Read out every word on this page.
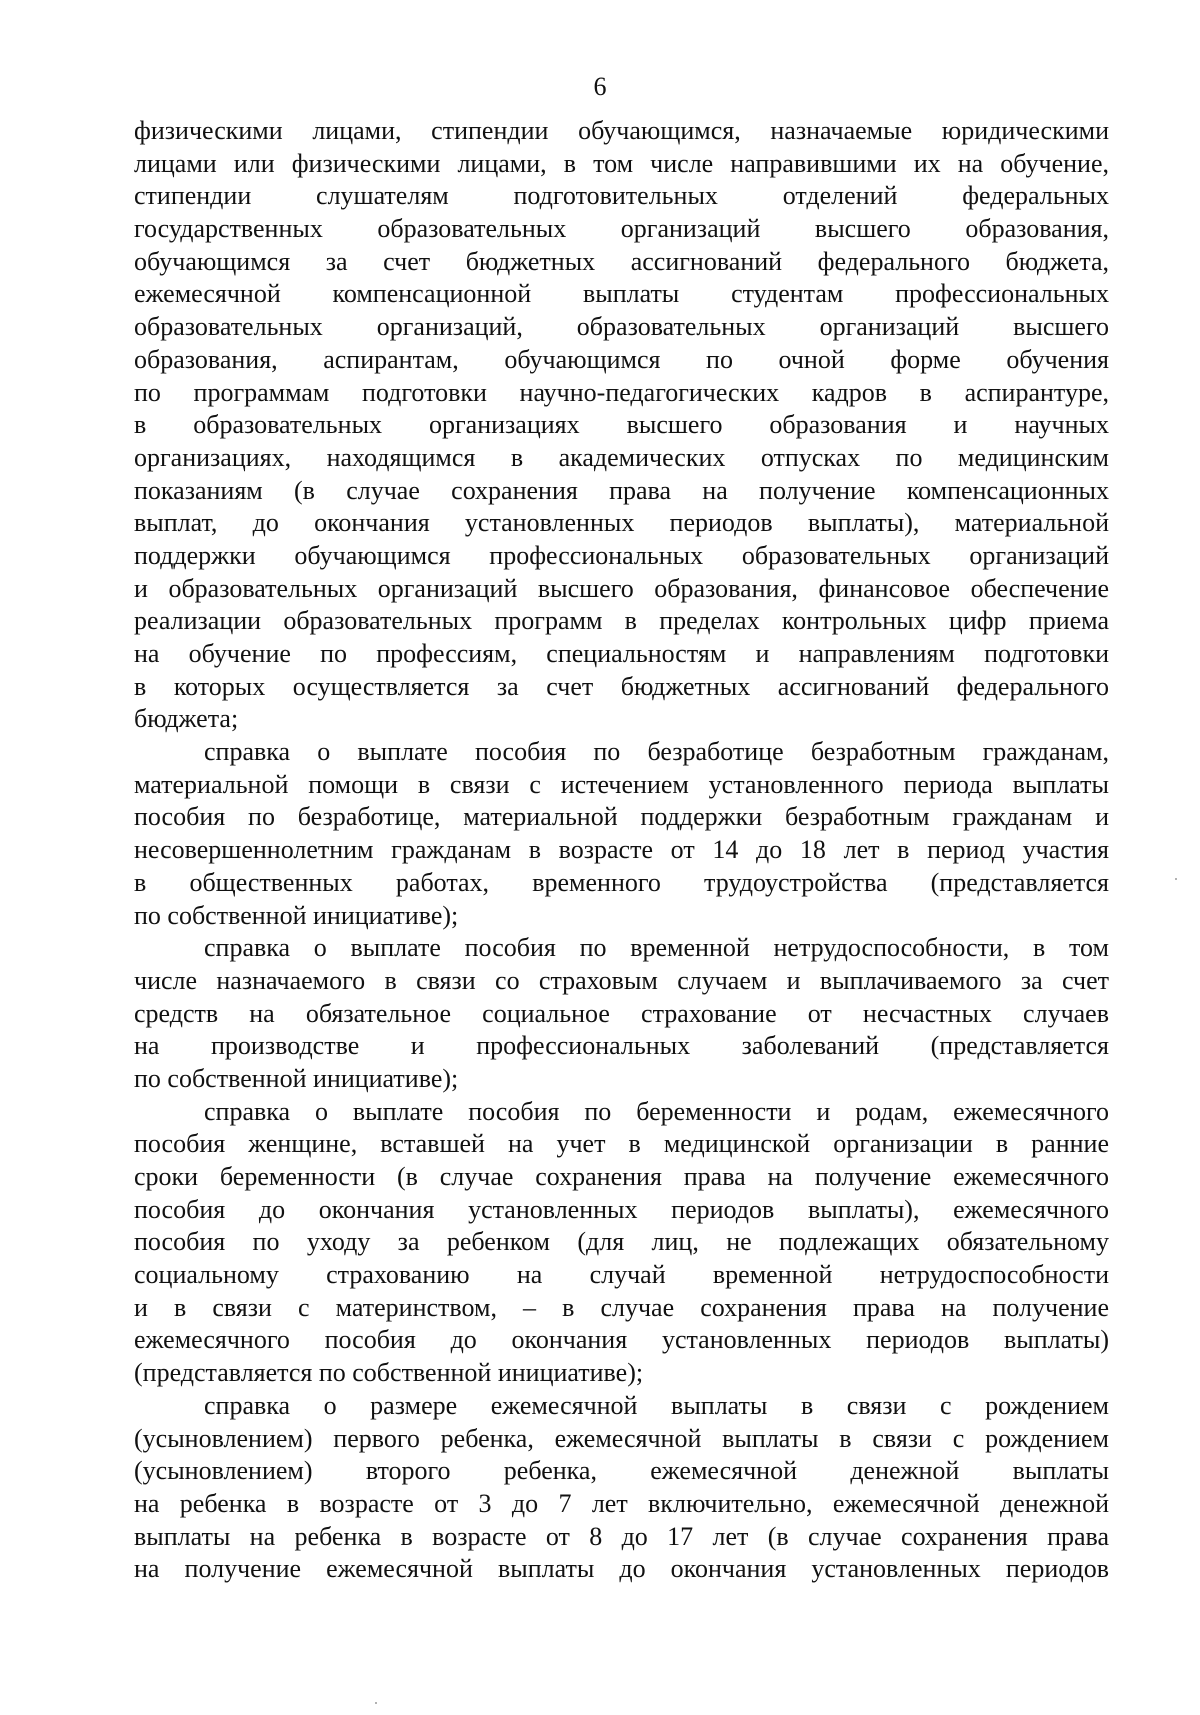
6
физическими лицами, стипендии обучающимся, назначаемые юридическими
лицами или физическими лицами, в том числе направившими их на обучение,
стипендии слушателям подготовительных отделений федеральных
государственных образовательных организаций высшего образования,
обучающимся за счет бюджетных ассигнований федерального бюджета,
ежемесячной компенсационной выплаты студентам профессиональных
образовательных организаций, образовательных организаций высшего
образования, аспирантам, обучающимся по очной форме обучения
по программам подготовки научно-педагогических кадров в аспирантуре,
в образовательных организациях высшего образования и научных
организациях, находящимся в академических отпусках по медицинским
показаниям (в случае сохранения права на получение компенсационных
выплат, до окончания установленных периодов выплаты), материальной
поддержки обучающимся профессиональных образовательных организаций
и образовательных организаций высшего образования, финансовое обеспечение
реализации образовательных программ в пределах контрольных цифр приема
на обучение по профессиям, специальностям и направлениям подготовки
в которых осуществляется за счет бюджетных ассигнований федерального
бюджета;
справка о выплате пособия по безработице безработным гражданам,
материальной помощи в связи с истечением установленного периода выплаты
пособия по безработице, материальной поддержки безработным гражданам и
несовершеннолетним гражданам в возрасте от 14 до 18 лет в период участия
в общественных работах, временного трудоустройства (представляется
по собственной инициативе);
справка о выплате пособия по временной нетрудоспособности, в том
числе назначаемого в связи со страховым случаем и выплачиваемого за счет
средств на обязательное социальное страхование от несчастных случаев
на производстве и профессиональных заболеваний (представляется
по собственной инициативе);
справка о выплате пособия по беременности и родам, ежемесячного
пособия женщине, вставшей на учет в медицинской организации в ранние
сроки беременности (в случае сохранения права на получение ежемесячного
пособия до окончания установленных периодов выплаты), ежемесячного
пособия по уходу за ребенком (для лиц, не подлежащих обязательному
социальному страхованию на случай временной нетрудоспособности
и в связи с материнством, – в случае сохранения права на получение
ежемесячного пособия до окончания установленных периодов выплаты)
(представляется по собственной инициативе);
справка о размере ежемесячной выплаты в связи с рождением
(усыновлением) первого ребенка, ежемесячной выплаты в связи с рождением
(усыновлением) второго ребенка, ежемесячной денежной выплаты
на ребенка в возрасте от 3 до 7 лет включительно, ежемесячной денежной
выплаты на ребенка в возрасте от 8 до 17 лет (в случае сохранения права
на получение ежемесячной выплаты до окончания установленных периодов
